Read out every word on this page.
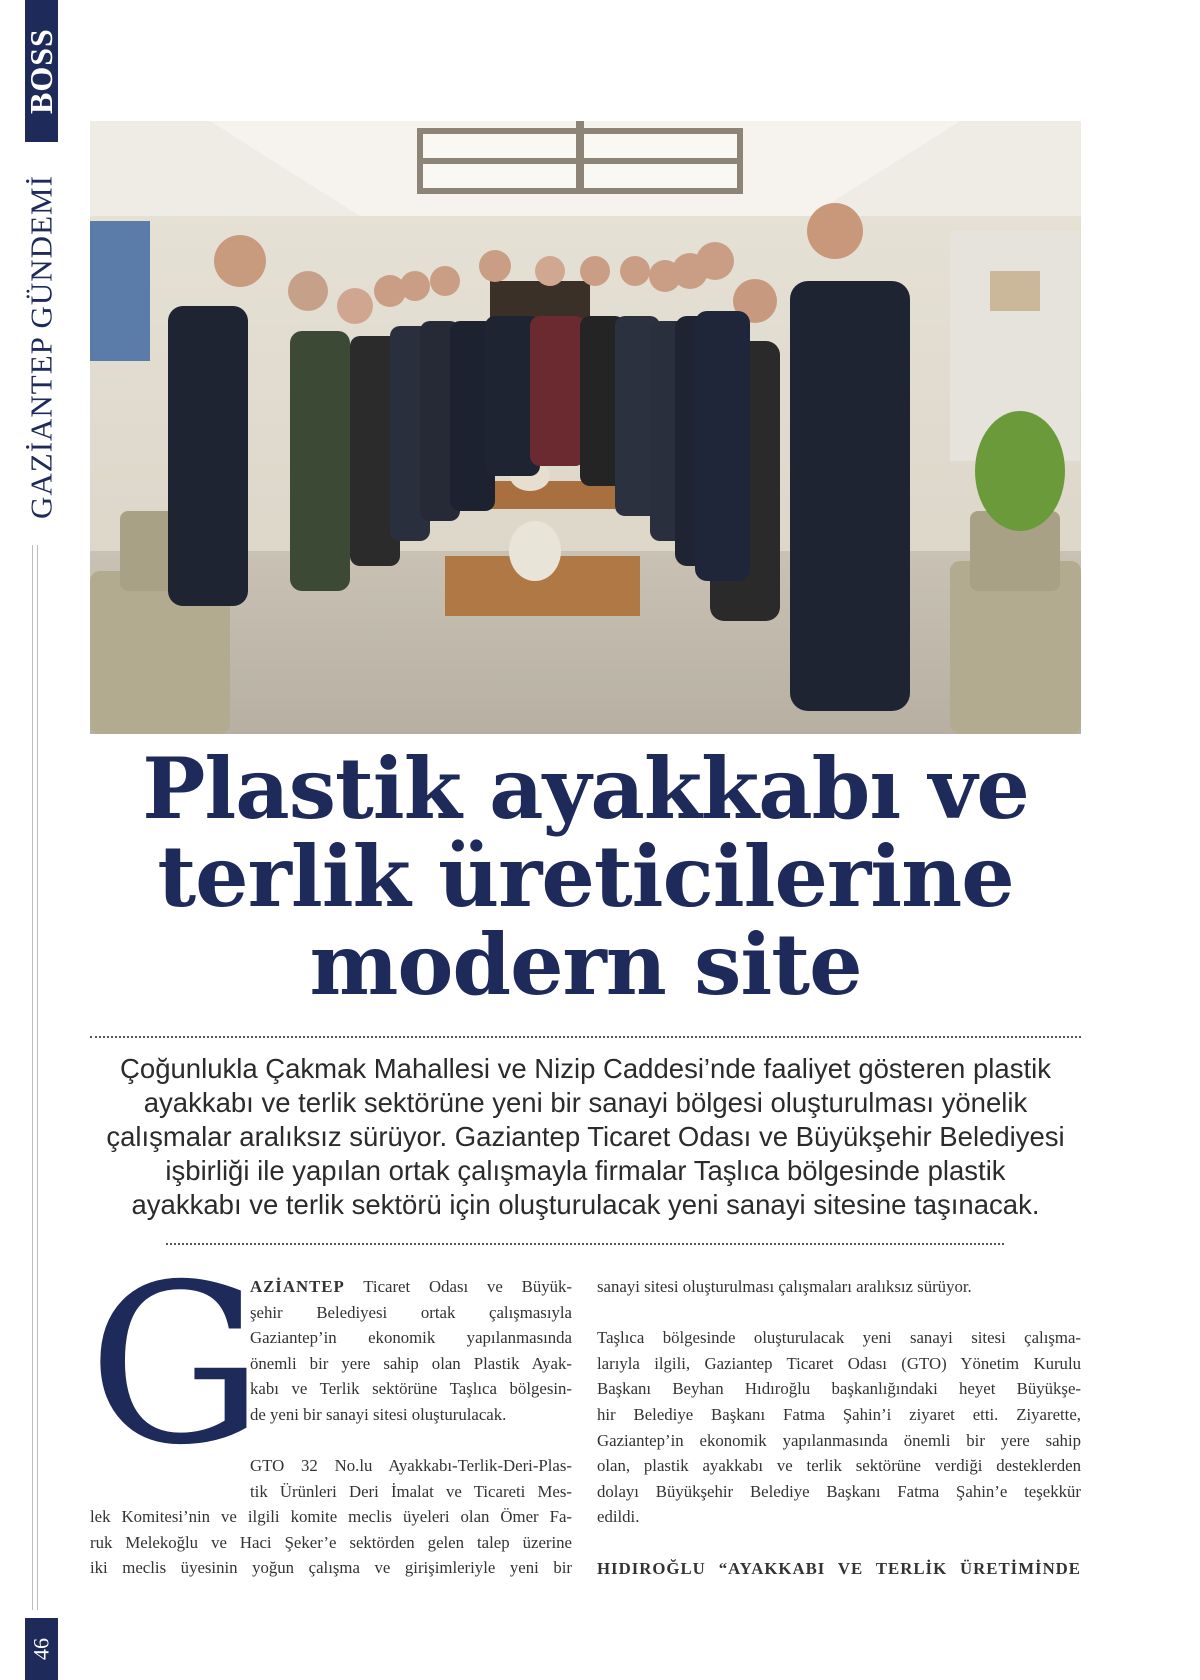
BOSS
GAZİANTEP GÜNDEMİ
46
Plastik ayakkabı ve
terlik üreticilerine
modern site
Çoğunlukla Çakmak Mahallesi ve Nizip Caddesi’nde faaliyet gösteren plastik
ayakkabı ve terlik sektörüne yeni bir sanayi bölgesi oluşturulması yönelik
çalışmalar aralıksız sürüyor. Gaziantep Ticaret Odası ve Büyükşehir Belediyesi
işbirliği ile yapılan ortak çalışmayla firmalar Taşlıca bölgesinde plastik
ayakkabı ve terlik sektörü için oluşturulacak yeni sanayi sitesine taşınacak.
G

AZİANTEP Ticaret Odası ve Büyük-

şehir Belediyesi ortak çalışmasıyla

Gaziantep’in ekonomik yapılanmasında

önemli bir yere sahip olan Plastik Ayak-

kabı ve Terlik sektörüne Taşlıca bölgesin-

de yeni bir sanayi sitesi oluşturulacak.

GTO 32 No.lu Ayakkabı-Terlik-Deri-Plas-

tik Ürünleri Deri İmalat ve Ticareti Mes-

lek Komitesi’nin ve ilgili komite meclis üyeleri olan Ömer Fa-

ruk Melekoğlu ve Haci Şeker’e sektörden gelen talep üzerine

iki meclis üyesinin yoğun çalışma ve girişimleriyle yeni bir

sanayi sitesi oluşturulması çalışmaları aralıksız sürüyor.

Taşlıca bölgesinde oluşturulacak yeni sanayi sitesi çalışma-

larıyla ilgili, Gaziantep Ticaret Odası (GTO) Yönetim Kurulu

Başkanı Beyhan Hıdıroğlu başkanlığındaki heyet Büyükşe-

hir Belediye Başkanı Fatma Şahin’i ziyaret etti. Ziyarette,

Gaziantep’in ekonomik yapılanmasında önemli bir yere sahip

olan, plastik ayakkabı ve terlik sektörüne verdiği desteklerden

dolayı Büyükşehir Belediye Başkanı Fatma Şahin’e teşekkür

edildi.

HIDIROĞLU “AYAKKABI VE TERLİK ÜRETİMİNDE
